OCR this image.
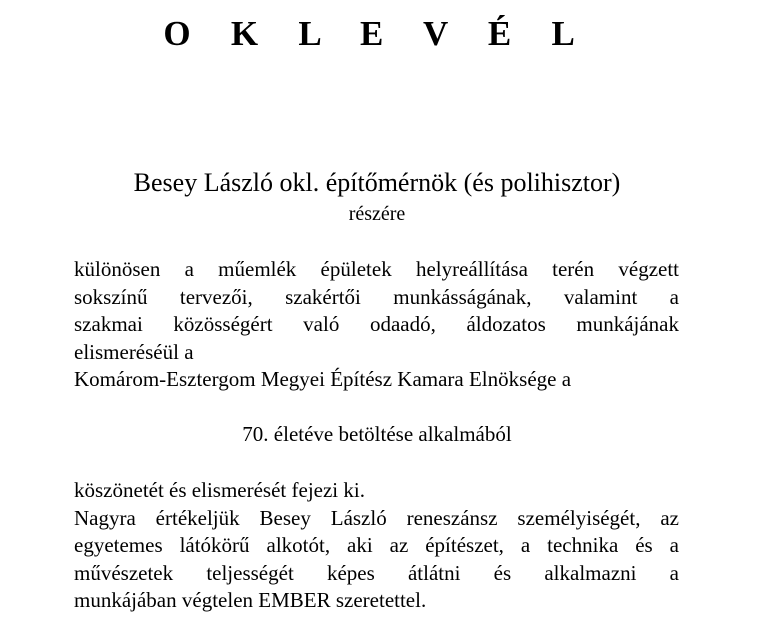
O K L E V É L
Besey László okl. építőmérnök (és polihisztor)
részére
különösen a műemlék épületek helyreállítása terén végzett
sokszínű tervezői, szakértői munkásságának, valamint a
szakmai közösségért való odaadó, áldozatos munkájának
elismeréséül a
Komárom-Esztergom Megyei Építész Kamara Elnöksége a
70. életéve betöltése alkalmából
köszönetét és elismerését fejezi ki.
Nagyra értékeljük Besey László reneszánsz személyiségét, az
egyetemes látókörű alkotót, aki az építészet, a technika és a
művészetek teljességét képes átlátni és alkalmazni a
munkájában végtelen EMBER szeretettel.
